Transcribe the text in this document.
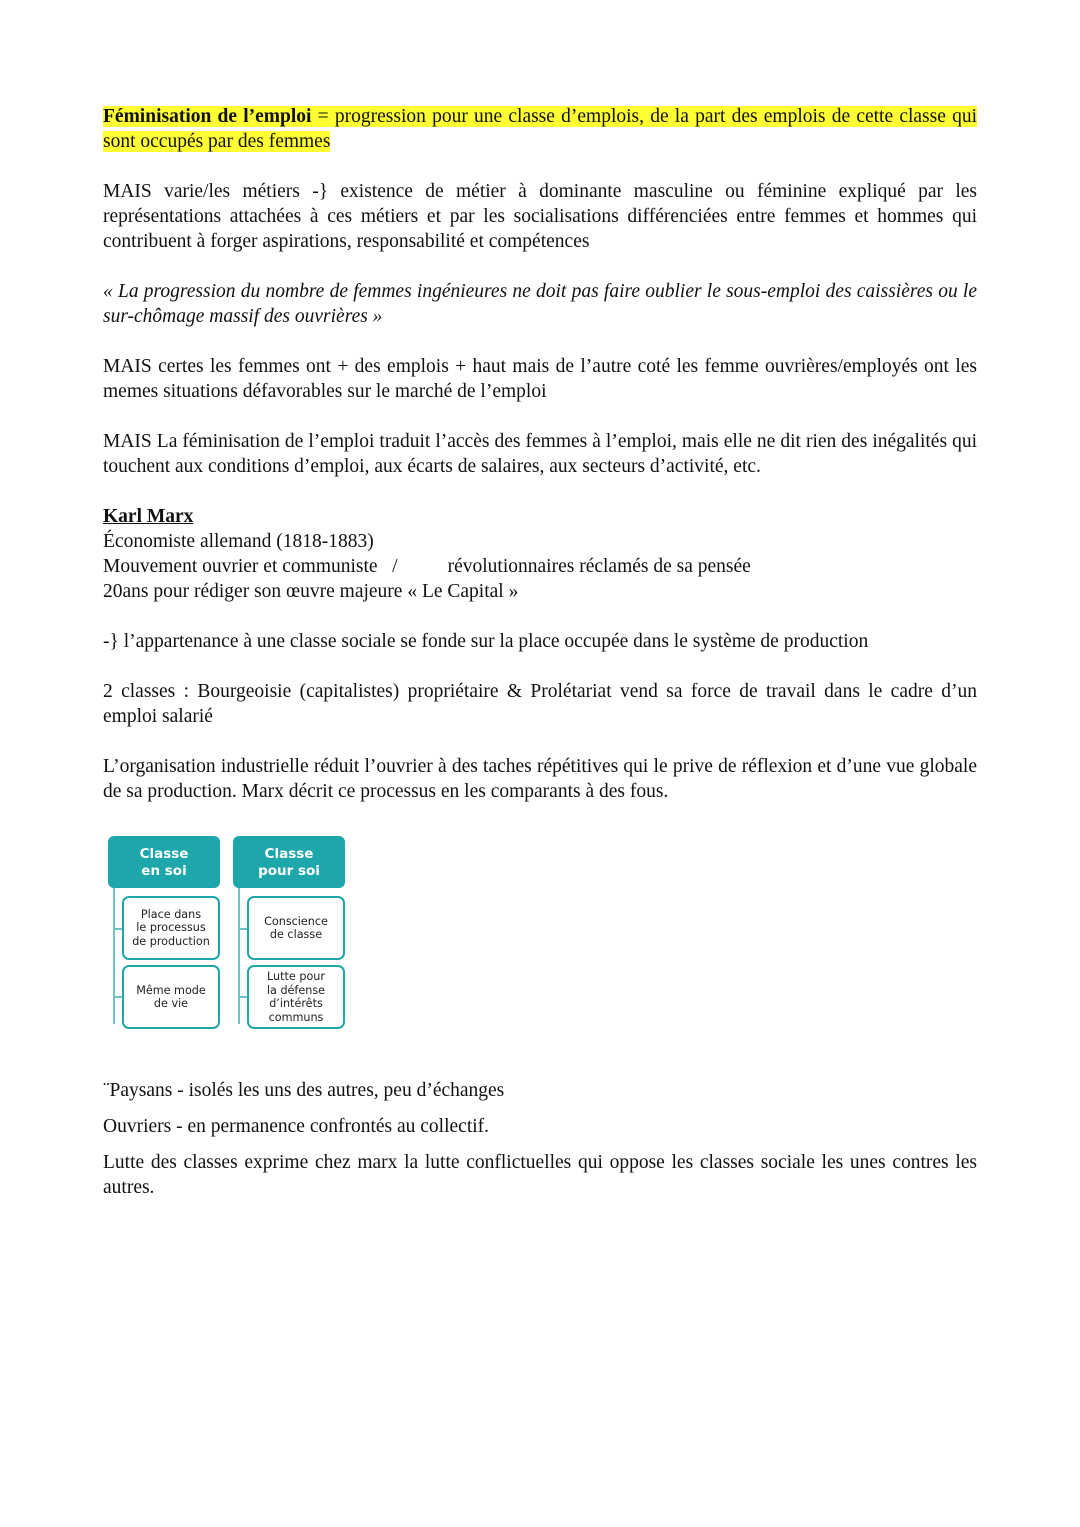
Féminisation de l’emploi = progression pour une classe d’emplois, de la part des emplois de cette classe qui sont occupés par des femmes

MAIS varie/les métiers -} existence de métier à dominante masculine ou féminine expliqué par les représentations attachées à ces métiers et par les socialisations différenciées entre femmes et hommes qui contribuent à forger aspirations, responsabilité et compétences

« La progression du nombre de femmes ingénieures ne doit pas faire oublier le sous-emploi des caissières ou le sur-chômage massif des ouvrières »

MAIS certes les femmes ont + des emplois + haut mais de l’autre coté les femme ouvrières/employés ont les memes situations défavorables sur le marché de l’emploi

MAIS La féminisation de l’emploi traduit l’accès des femmes à l’emploi, mais elle ne dit rien des inégalités qui touchent aux conditions d’emploi, aux écarts de salaires, aux secteurs d’activité, etc.

Karl Marx
Économiste allemand (1818-1883)
Mouvement ouvrier et communiste   /	révolutionnaires réclamés de sa pensée
20ans pour rédiger son œuvre majeure « Le Capital »

-} l’appartenance à une classe sociale se fonde sur la place occupée dans le système de production

2 classes : Bourgeoisie (capitalistes) propriétaire & Prolétariat vend sa force de travail dans le cadre d’un emploi salarié

L’organisation industrielle réduit l’ouvrier à des taches répétitives qui le prive de réflexion et d’une vue globale de sa production. Marx décrit ce processus en les comparants à des fous.

Classe
en soi
Place dans
le processus
de production
Même mode
de vie
Classe
pour soi
Conscience
de classe
Lutte pour
la défense
d’intérêts
communs

¨Paysans - isolés les uns des autres, peu d’échanges

Ouvriers - en permanence confrontés au collectif.

Lutte des classes exprime chez marx la lutte conflictuelles qui oppose les classes sociale les unes contres les autres.
